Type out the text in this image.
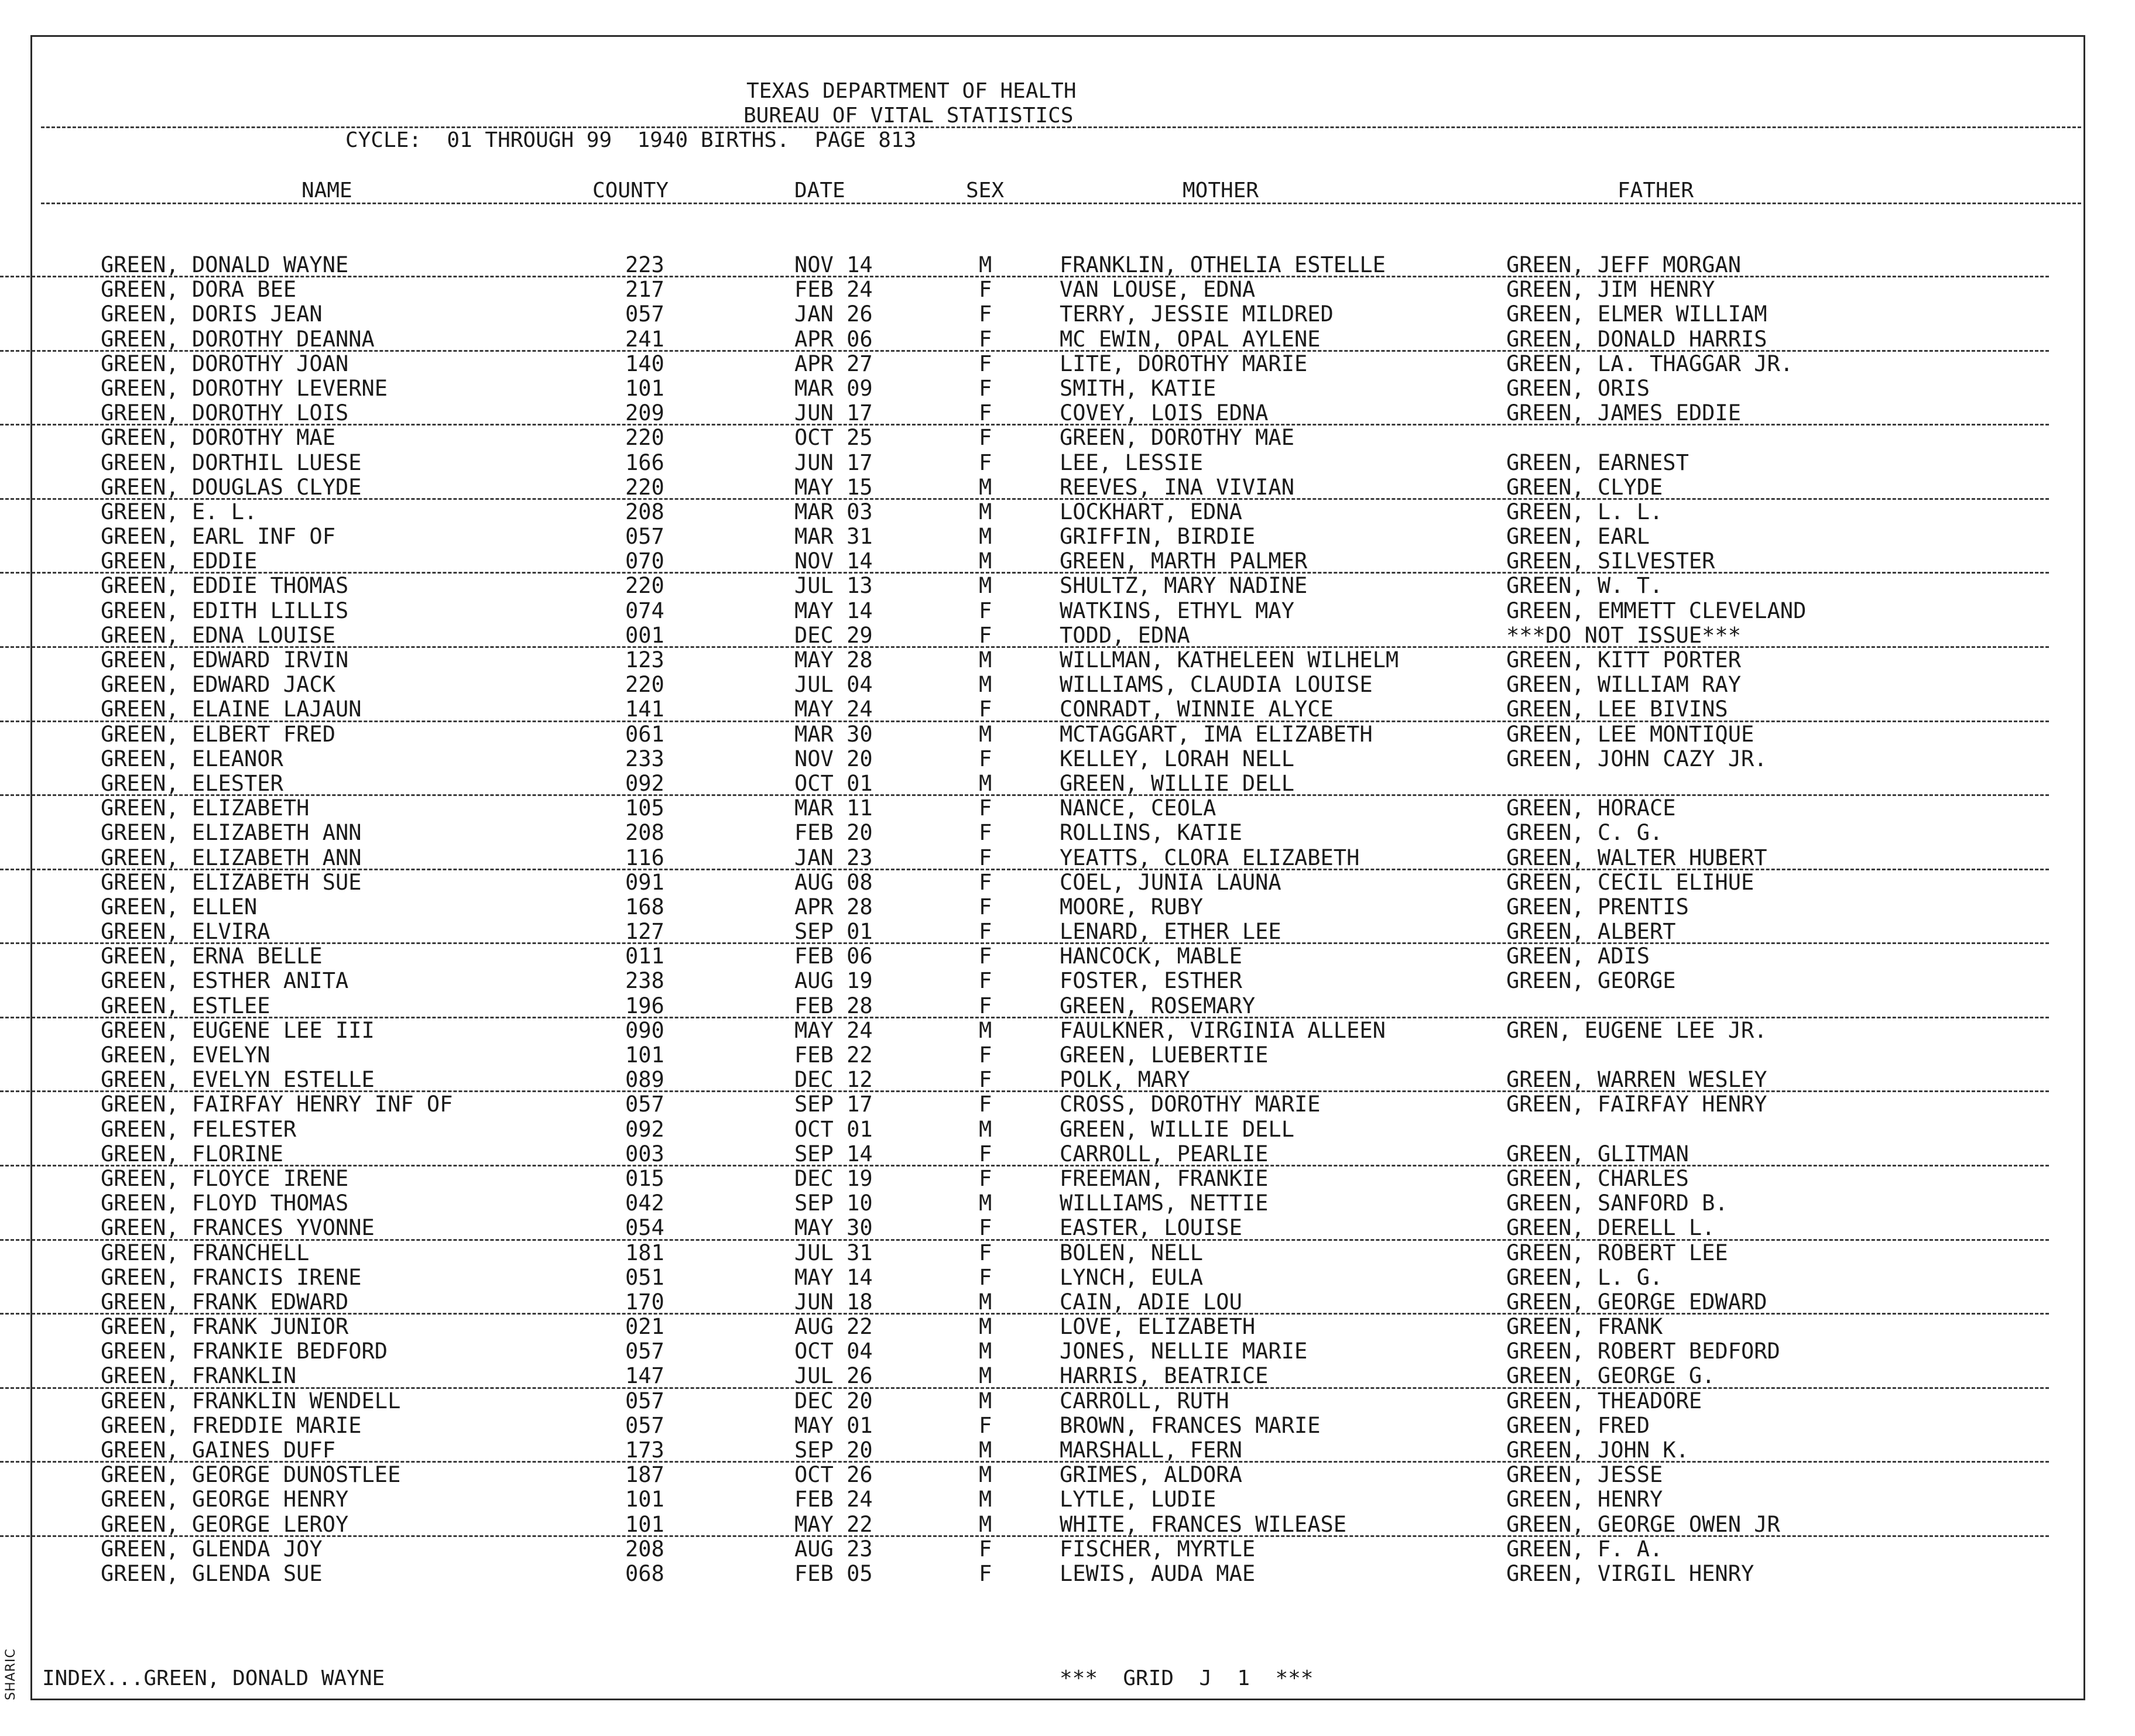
SHARIC
TEXAS DEPARTMENT OF HEALTH
BUREAU OF VITAL STATISTICS
CYCLE:  01 THROUGH 99  1940 BIRTHS.  PAGE 813
NAME	COUNTY	DATE	SEX	MOTHER	FATHER
GREEN, DONALD WAYNE	223	NOV 14	M	FRANKLIN, OTHELIA ESTELLE	GREEN, JEFF MORGAN
GREEN, DORA BEE	217	FEB 24	F	VAN LOUSE, EDNA	GREEN, JIM HENRY
GREEN, DORIS JEAN	057	JAN 26	F	TERRY, JESSIE MILDRED	GREEN, ELMER WILLIAM
GREEN, DOROTHY DEANNA	241	APR 06	F	MC EWIN, OPAL AYLENE	GREEN, DONALD HARRIS
GREEN, DOROTHY JOAN	140	APR 27	F	LITE, DOROTHY MARIE	GREEN, LA. THAGGAR JR.
GREEN, DOROTHY LEVERNE	101	MAR 09	F	SMITH, KATIE	GREEN, ORIS
GREEN, DOROTHY LOIS	209	JUN 17	F	COVEY, LOIS EDNA	GREEN, JAMES EDDIE
GREEN, DOROTHY MAE	220	OCT 25	F	GREEN, DOROTHY MAE
GREEN, DORTHIL LUESE	166	JUN 17	F	LEE, LESSIE	GREEN, EARNEST
GREEN, DOUGLAS CLYDE	220	MAY 15	M	REEVES, INA VIVIAN	GREEN, CLYDE
GREEN, E. L.	208	MAR 03	M	LOCKHART, EDNA	GREEN, L. L.
GREEN, EARL INF OF	057	MAR 31	M	GRIFFIN, BIRDIE	GREEN, EARL
GREEN, EDDIE	070	NOV 14	M	GREEN, MARTH PALMER	GREEN, SILVESTER
GREEN, EDDIE THOMAS	220	JUL 13	M	SHULTZ, MARY NADINE	GREEN, W. T.
GREEN, EDITH LILLIS	074	MAY 14	F	WATKINS, ETHYL MAY	GREEN, EMMETT CLEVELAND
GREEN, EDNA LOUISE	001	DEC 29	F	TODD, EDNA	***DO NOT ISSUE***
GREEN, EDWARD IRVIN	123	MAY 28	M	WILLMAN, KATHELEEN WILHELM	GREEN, KITT PORTER
GREEN, EDWARD JACK	220	JUL 04	M	WILLIAMS, CLAUDIA LOUISE	GREEN, WILLIAM RAY
GREEN, ELAINE LAJAUN	141	MAY 24	F	CONRADT, WINNIE ALYCE	GREEN, LEE BIVINS
GREEN, ELBERT FRED	061	MAR 30	M	MCTAGGART, IMA ELIZABETH	GREEN, LEE MONTIQUE
GREEN, ELEANOR	233	NOV 20	F	KELLEY, LORAH NELL	GREEN, JOHN CAZY JR.
GREEN, ELESTER	092	OCT 01	M	GREEN, WILLIE DELL
GREEN, ELIZABETH	105	MAR 11	F	NANCE, CEOLA	GREEN, HORACE
GREEN, ELIZABETH ANN	208	FEB 20	F	ROLLINS, KATIE	GREEN, C. G.
GREEN, ELIZABETH ANN	116	JAN 23	F	YEATTS, CLORA ELIZABETH	GREEN, WALTER HUBERT
GREEN, ELIZABETH SUE	091	AUG 08	F	COEL, JUNIA LAUNA	GREEN, CECIL ELIHUE
GREEN, ELLEN	168	APR 28	F	MOORE, RUBY	GREEN, PRENTIS
GREEN, ELVIRA	127	SEP 01	F	LENARD, ETHER LEE	GREEN, ALBERT
GREEN, ERNA BELLE	011	FEB 06	F	HANCOCK, MABLE	GREEN, ADIS
GREEN, ESTHER ANITA	238	AUG 19	F	FOSTER, ESTHER	GREEN, GEORGE
GREEN, ESTLEE	196	FEB 28	F	GREEN, ROSEMARY
GREEN, EUGENE LEE III	090	MAY 24	M	FAULKNER, VIRGINIA ALLEEN	GREN, EUGENE LEE JR.
GREEN, EVELYN	101	FEB 22	F	GREEN, LUEBERTIE
GREEN, EVELYN ESTELLE	089	DEC 12	F	POLK, MARY	GREEN, WARREN WESLEY
GREEN, FAIRFAY HENRY INF OF	057	SEP 17	F	CROSS, DOROTHY MARIE	GREEN, FAIRFAY HENRY
GREEN, FELESTER	092	OCT 01	M	GREEN, WILLIE DELL
GREEN, FLORINE	003	SEP 14	F	CARROLL, PEARLIE	GREEN, GLITMAN
GREEN, FLOYCE IRENE	015	DEC 19	F	FREEMAN, FRANKIE	GREEN, CHARLES
GREEN, FLOYD THOMAS	042	SEP 10	M	WILLIAMS, NETTIE	GREEN, SANFORD B.
GREEN, FRANCES YVONNE	054	MAY 30	F	EASTER, LOUISE	GREEN, DERELL L.
GREEN, FRANCHELL	181	JUL 31	F	BOLEN, NELL	GREEN, ROBERT LEE
GREEN, FRANCIS IRENE	051	MAY 14	F	LYNCH, EULA	GREEN, L. G.
GREEN, FRANK EDWARD	170	JUN 18	M	CAIN, ADIE LOU	GREEN, GEORGE EDWARD
GREEN, FRANK JUNIOR	021	AUG 22	M	LOVE, ELIZABETH	GREEN, FRANK
GREEN, FRANKIE BEDFORD	057	OCT 04	M	JONES, NELLIE MARIE	GREEN, ROBERT BEDFORD
GREEN, FRANKLIN	147	JUL 26	M	HARRIS, BEATRICE	GREEN, GEORGE G.
GREEN, FRANKLIN WENDELL	057	DEC 20	M	CARROLL, RUTH	GREEN, THEADORE
GREEN, FREDDIE MARIE	057	MAY 01	F	BROWN, FRANCES MARIE	GREEN, FRED
GREEN, GAINES DUFF	173	SEP 20	M	MARSHALL, FERN	GREEN, JOHN K.
GREEN, GEORGE DUNOSTLEE	187	OCT 26	M	GRIMES, ALDORA	GREEN, JESSE
GREEN, GEORGE HENRY	101	FEB 24	M	LYTLE, LUDIE	GREEN, HENRY
GREEN, GEORGE LEROY	101	MAY 22	M	WHITE, FRANCES WILEASE	GREEN, GEORGE OWEN JR
GREEN, GLENDA JOY	208	AUG 23	F	FISCHER, MYRTLE	GREEN, F. A.
GREEN, GLENDA SUE	068	FEB 05	F	LEWIS, AUDA MAE	GREEN, VIRGIL HENRY
INDEX...GREEN, DONALD WAYNE	***  GRID  J  1  ***
